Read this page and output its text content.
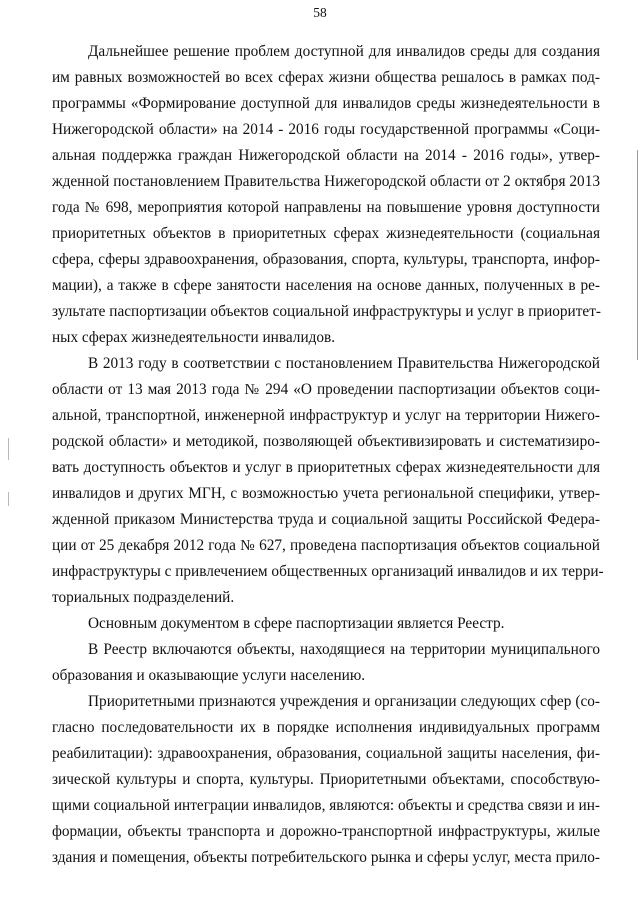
58
Дальнейшее решение проблем доступной для инвалидов среды для создания
им равных возможностей во всех сферах жизни общества решалось в рамках под-
программы «Формирование доступной для инвалидов среды жизнедеятельности в
Нижегородской области» на 2014 - 2016 годы государственной программы «Соци-
альная поддержка граждан Нижегородской области на 2014 - 2016 годы», утвер-
жденной постановлением Правительства Нижегородской области от 2 октября 2013
года № 698, мероприятия которой направлены на повышение уровня доступности
приоритетных объектов в приоритетных сферах жизнедеятельности (социальная
сфера, сферы здравоохранения, образования, спорта, культуры, транспорта, инфор-
мации), а также в сфере занятости населения на основе данных, полученных в ре-
зультате паспортизации объектов социальной инфраструктуры и услуг в приоритет-
ных сферах жизнедеятельности инвалидов.
В 2013 году в соответствии с постановлением Правительства Нижегородской
области от 13 мая 2013 года № 294 «О проведении паспортизации объектов соци-
альной, транспортной, инженерной инфраструктур и услуг на территории Нижего-
родской области» и методикой, позволяющей объективизировать и систематизиро-
вать доступность объектов и услуг в приоритетных сферах жизнедеятельности для
инвалидов и других МГН, с возможностью учета региональной специфики, утвер-
жденной приказом Министерства труда и социальной защиты Российской Федера-
ции от 25 декабря 2012 года № 627, проведена паспортизация объектов социальной
инфраструктуры с привлечением общественных организаций инвалидов и их терри-
ториальных подразделений.
Основным документом в сфере паспортизации является Реестр.
В Реестр включаются объекты, находящиеся на территории муниципального
образования и оказывающие услуги населению.
Приоритетными признаются учреждения и организации следующих сфер (со-
гласно последовательности их в порядке исполнения индивидуальных программ
реабилитации): здравоохранения, образования, социальной защиты населения, фи-
зической культуры и спорта, культуры. Приоритетными объектами, способствую-
щими социальной интеграции инвалидов, являются: объекты и средства связи и ин-
формации, объекты транспорта и дорожно-транспортной инфраструктуры, жилые
здания и помещения, объекты потребительского рынка и сферы услуг, места прило-
